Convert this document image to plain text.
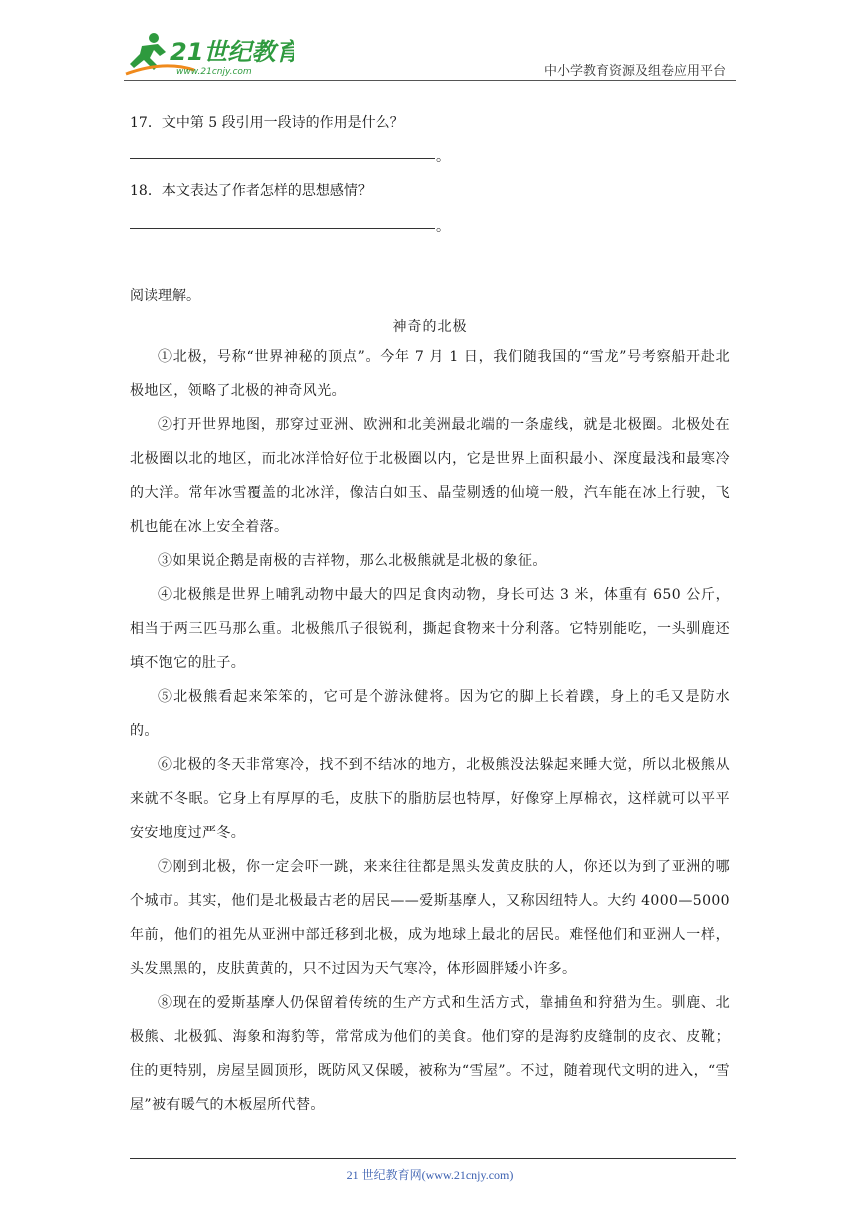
21世纪教育
www.21cnjy.com	中小学教育资源及组卷应用平台
17．文中第 5 段引用一段诗的作用是什么？
。
18．本文表达了作者怎样的思想感情？
。
阅读理解。
神奇的北极

①北极，号称“世界神秘的顶点”。今年 7 月 1 日，我们随我国的“雪龙”号考察船开赴北极地区，领略了北极的神奇风光。

②打开世界地图，那穿过亚洲、欧洲和北美洲最北端的一条虚线，就是北极圈。北极处在北极圈以北的地区，而北冰洋恰好位于北极圈以内，它是世界上面积最小、深度最浅和最寒冷的大洋。常年冰雪覆盖的北冰洋，像洁白如玉、晶莹剔透的仙境一般，汽车能在冰上行驶，飞机也能在冰上安全着落。

③如果说企鹅是南极的吉祥物，那么北极熊就是北极的象征。

④北极熊是世界上哺乳动物中最大的四足食肉动物，身长可达 3 米，体重有 650 公斤，相当于两三匹马那么重。北极熊爪子很锐利，撕起食物来十分利落。它特别能吃，一头驯鹿还填不饱它的肚子。

⑤北极熊看起来笨笨的，它可是个游泳健将。因为它的脚上长着蹼，身上的毛又是防水的。

⑥北极的冬天非常寒冷，找不到不结冰的地方，北极熊没法躲起来睡大觉，所以北极熊从来就不冬眠。它身上有厚厚的毛，皮肤下的脂肪层也特厚，好像穿上厚棉衣，这样就可以平平安安地度过严冬。

⑦刚到北极，你一定会吓一跳，来来往往都是黑头发黄皮肤的人，你还以为到了亚洲的哪个城市。其实，他们是北极最古老的居民——爱斯基摩人，又称因纽特人。大约 4000—5000 年前，他们的祖先从亚洲中部迁移到北极，成为地球上最北的居民。难怪他们和亚洲人一样，头发黑黑的，皮肤黄黄的，只不过因为天气寒冷，体形圆胖矮小许多。

⑧现在的爱斯基摩人仍保留着传统的生产方式和生活方式，靠捕鱼和狩猎为生。驯鹿、北极熊、北极狐、海象和海豹等，常常成为他们的美食。他们穿的是海豹皮缝制的皮衣、皮靴；住的更特别，房屋呈圆顶形，既防风又保暖，被称为“雪屋”。不过，随着现代文明的进入，“雪屋”被有暖气的木板屋所代替。

21 世纪教育网(www.21cnjy.com)
